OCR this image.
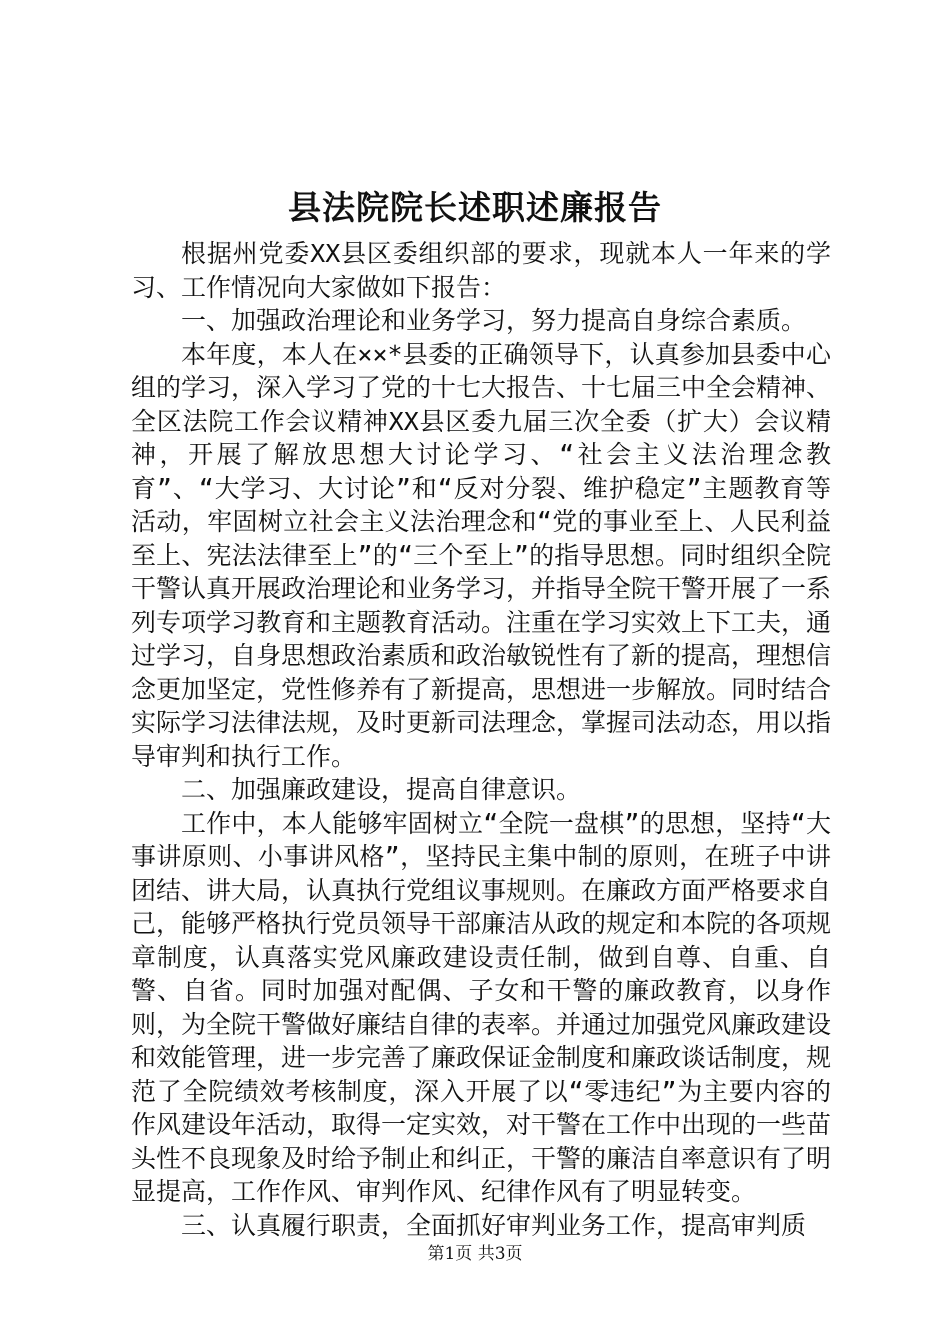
县法院院长述职述廉报告

根据州党委XX县区委组织部的要求，现就本人一年来的学习、工作情况向大家做如下报告：

一、加强政治理论和业务学习，努力提高自身综合素质。

本年度，本人在××*县委的正确领导下，认真参加县委中心组的学习，深入学习了党的十七大报告、十七届三中全会精神、全区法院工作会议精神XX县区委九届三次全委（扩大）会议精神，开展了解放思想大讨论学习、“社会主义法治理念教育”、“大学习、大讨论”和“反对分裂、维护稳定”主题教育等活动，牢固树立社会主义法治理念和“党的事业至上、人民利益至上、宪法法律至上”的“三个至上”的指导思想。同时组织全院干警认真开展政治理论和业务学习，并指导全院干警开展了一系列专项学习教育和主题教育活动。注重在学习实效上下工夫，通过学习，自身思想政治素质和政治敏锐性有了新的提高，理想信念更加坚定，党性修养有了新提高，思想进一步解放。同时结合实际学习法律法规，及时更新司法理念，掌握司法动态，用以指导审判和执行工作。

二、加强廉政建设，提高自律意识。

工作中，本人能够牢固树立“全院一盘棋”的思想，坚持“大事讲原则、小事讲风格”，坚持民主集中制的原则，在班子中讲团结、讲大局，认真执行党组议事规则。在廉政方面严格要求自己，能够严格执行党员领导干部廉洁从政的规定和本院的各项规章制度，认真落实党风廉政建设责任制，做到自尊、自重、自警、自省。同时加强对配偶、子女和干警的廉政教育，以身作则，为全院干警做好廉结自律的表率。并通过加强党风廉政建设和效能管理，进一步完善了廉政保证金制度和廉政谈话制度，规范了全院绩效考核制度，深入开展了以“零违纪”为主要内容的作风建设年活动，取得一定实效，对干警在工作中出现的一些苗头性不良现象及时给予制止和纠正，干警的廉洁自率意识有了明显提高，工作作风、审判作风、纪律作风有了明显转变。

三、认真履行职责，全面抓好审判业务工作，提高审判质

第1页 共3页
